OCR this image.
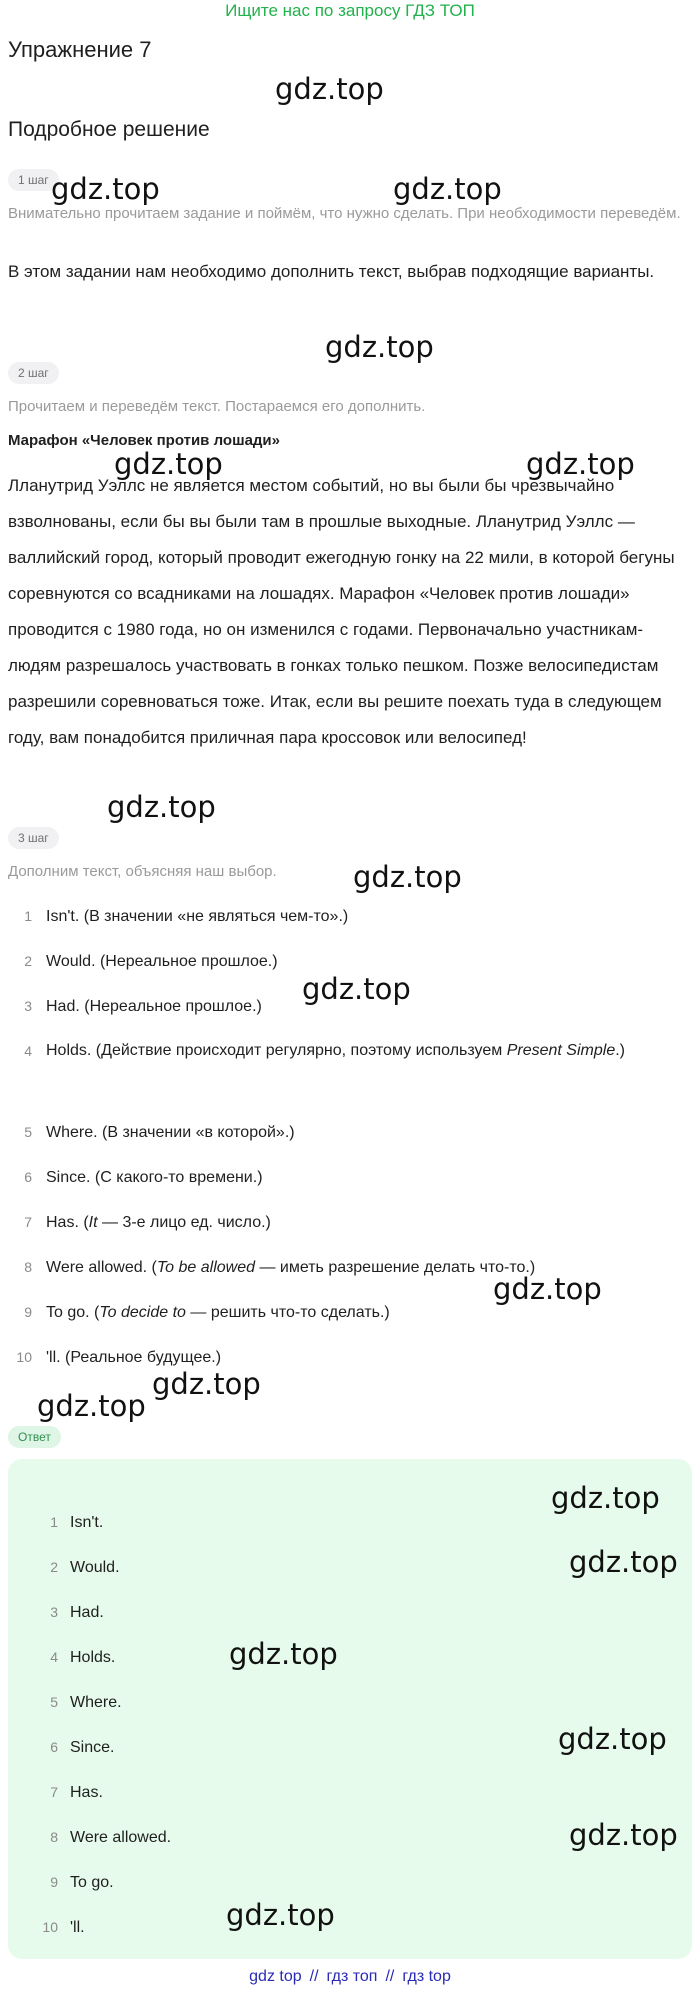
Ищите нас по запросу ГДЗ ТОП
Упражнение 7
Подробное решение
1 шаг
Внимательно прочитаем задание и поймём, что нужно сделать. При необходимости переведём.
В этом задании нам необходимо дополнить текст, выбрав подходящие варианты.
2 шаг
Прочитаем и переведём текст. Постараемся его дополнить.
Марафон «Человек против лошади»
Лланутрид Уэллс не является местом событий, но вы были бы чрезвычайно взволнованы, если бы вы были там в прошлые выходные. Лланутрид Уэллс — валлийский город, который проводит ежегодную гонку на 22 мили, в которой бегуны соревнуются со всадниками на лошадях. Марафон «Человек против лошади» проводится с 1980 года, но он изменился с годами. Первоначально участникам-людям разрешалось участвовать в гонках только пешком. Позже велосипедистам разрешили соревноваться тоже. Итак, если вы решите поехать туда в следующем году, вам понадобится приличная пара кроссовок или велосипед!
3 шаг
Дополним текст, объясняя наш выбор.
1 Isn't. (В значении «не являться чем-то».)
2 Would. (Нереальное прошлое.)
3 Had. (Нереальное прошлое.)
4 Holds. (Действие происходит регулярно, поэтому используем Present Simple.)
5 Where. (В значении «в которой».)
6 Since. (С какого-то времени.)
7 Has. (It — 3-е лицо ед. число.)
8 Were allowed. (To be allowed — иметь разрешение делать что-то.)
9 To go. (To decide to — решить что-то сделать.)
10 'll. (Реальное будущее.)
Ответ
1 Isn't.
2 Would.
3 Had.
4 Holds.
5 Where.
6 Since.
7 Has.
8 Were allowed.
9 To go.
10 'll.
gdz.top
gdz.top	gdz.top
gdz.top
gdz.top	gdz.top
gdz.top
gdz.top
gdz.top
gdz.top
gdz.top
gdz.top
gdz.top
gdz.top
gdz.top
gdz.top
gdz.top
gdz.top
gdz top // гдз топ // гдз top
